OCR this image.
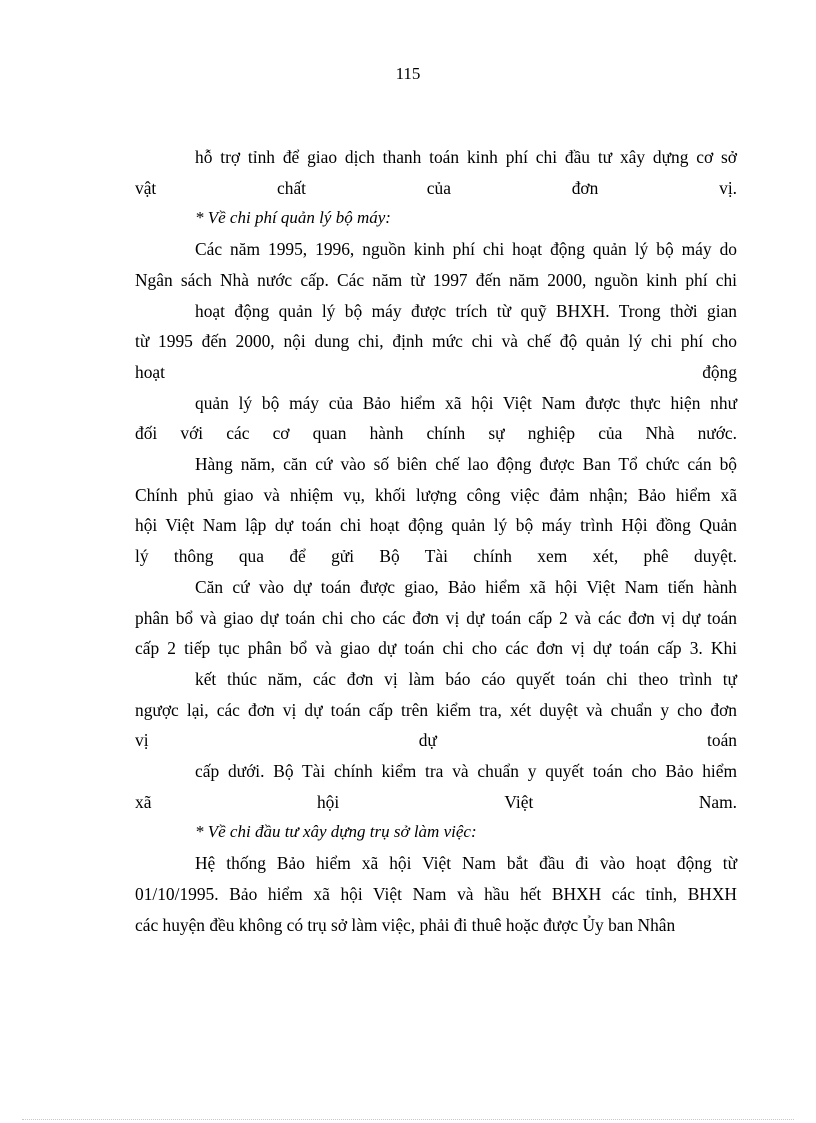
115
hỗ trợ tỉnh để giao dịch thanh toán kinh phí chi đầu tư xây dựng cơ sở
vật chất của đơn vị.
* Về chi phí quản lý bộ máy:
Các năm 1995, 1996, nguồn kinh phí chi hoạt động quản lý bộ máy do
Ngân sách Nhà nước cấp. Các năm từ 1997 đến năm 2000, nguồn kinh phí chi
hoạt động quản lý bộ máy được trích từ quỹ BHXH. Trong thời gian
từ 1995 đến 2000, nội dung chi, định mức chi và chế độ quản lý chi phí cho
hoạt động
quản lý bộ máy của Bảo hiểm xã hội Việt Nam được thực hiện như
đối với các cơ quan hành chính sự nghiệp của Nhà nước.
Hàng năm, căn cứ vào số biên chế lao động được Ban Tổ chức cán bộ
Chính phủ giao và nhiệm vụ, khối lượng công việc đảm nhận; Bảo hiểm xã
hội Việt Nam lập dự toán chi hoạt động quản lý bộ máy trình Hội đồng Quản
lý thông qua để gửi Bộ Tài chính xem xét, phê duyệt.
Căn cứ vào dự toán được giao, Bảo hiểm xã hội Việt Nam tiến hành
phân bổ và giao dự toán chi cho các đơn vị dự toán cấp 2 và các đơn vị dự toán
cấp 2 tiếp tục phân bổ và giao dự toán chi cho các đơn vị dự toán cấp 3. Khi
kết thúc năm, các đơn vị làm báo cáo quyết toán chi theo trình tự
ngược lại, các đơn vị dự toán cấp trên kiểm tra, xét duyệt và chuẩn y cho đơn
vị dự toán
cấp dưới. Bộ Tài chính kiểm tra và chuẩn y quyết toán cho Bảo hiểm
xã hội Việt Nam.
* Về chi đầu tư xây dựng trụ sở làm việc:
Hệ thống Bảo hiểm xã hội Việt Nam bắt đầu đi vào hoạt động từ
01/10/1995. Bảo hiểm xã hội Việt Nam và hầu hết BHXH các tỉnh, BHXH
các huyện đều không có trụ sở làm việc, phải đi thuê hoặc được Ủy ban Nhân
